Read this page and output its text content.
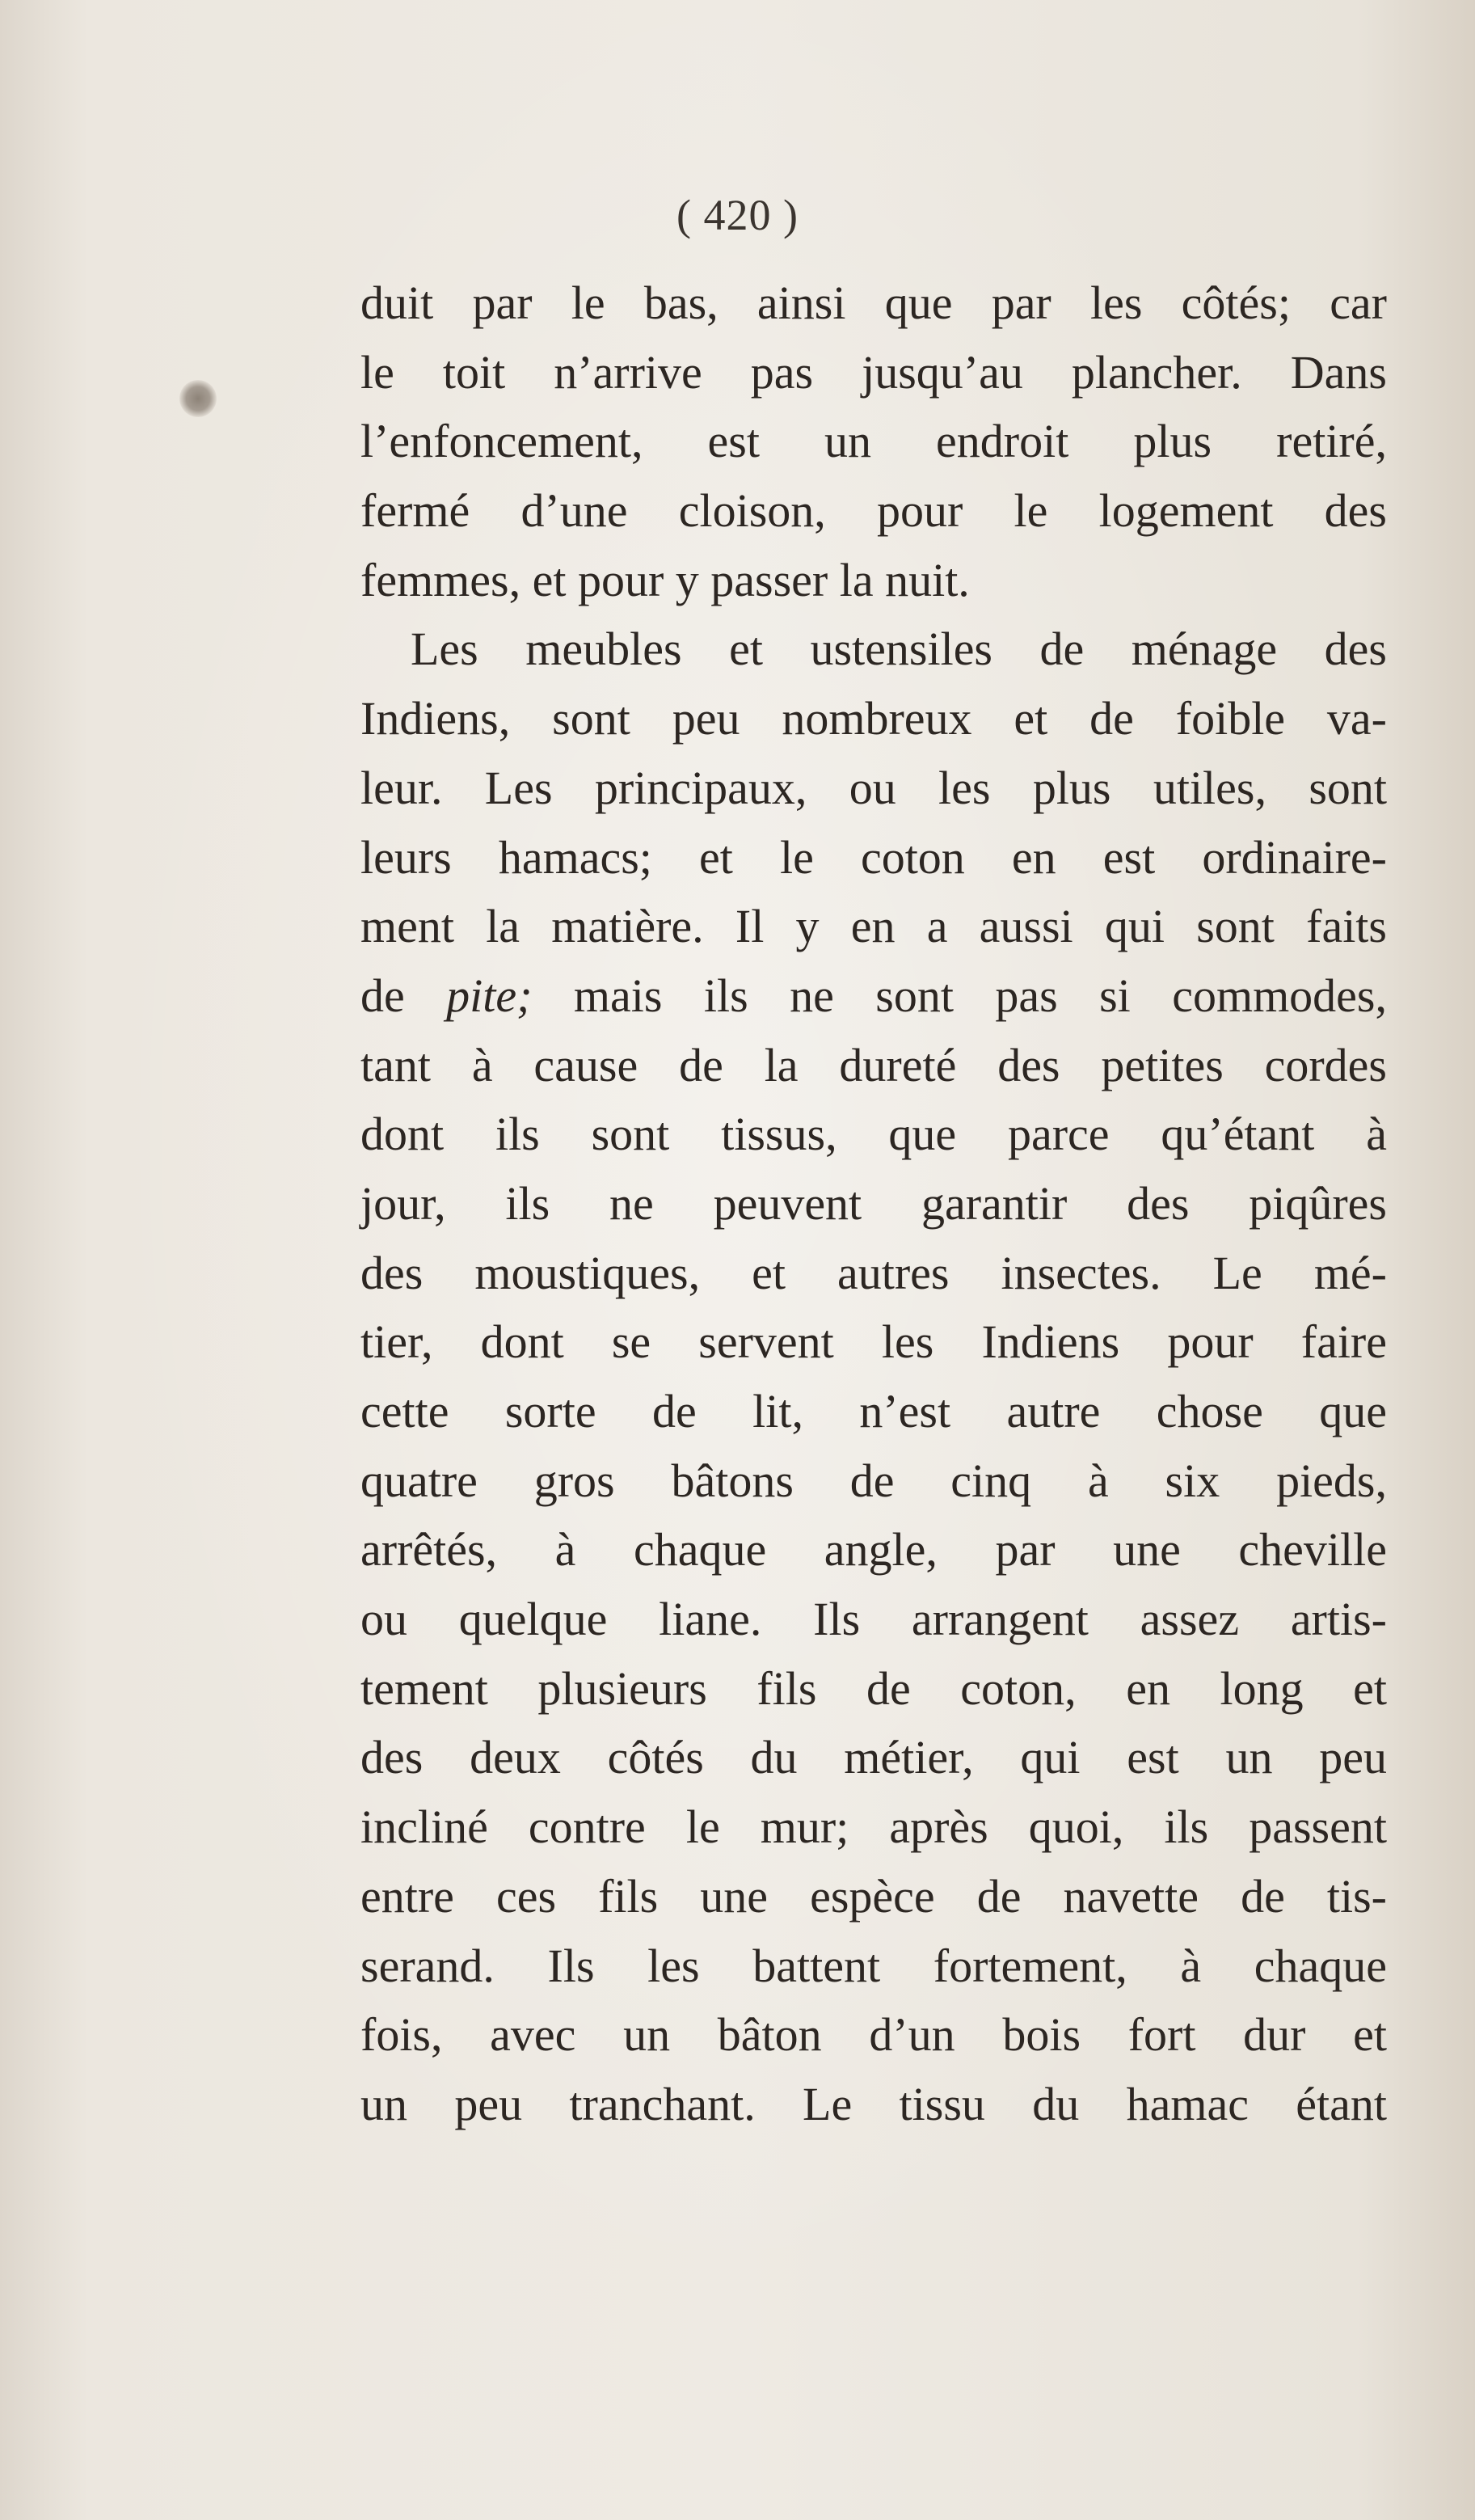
( 420 )
duit par le bas, ainsi que par les côtés; car
le toit n’arrive pas jusqu’au plancher. Dans
l’enfoncement, est un endroit plus retiré,
fermé d’une cloison, pour le logement des
femmes, et pour y passer la nuit.
Les meubles et ustensiles de ménage des
Indiens, sont peu nombreux et de foible va-
leur. Les principaux, ou les plus utiles, sont
leurs hamacs; et le coton en est ordinaire-
ment la matière. Il y en a aussi qui sont faits
de pite; mais ils ne sont pas si commodes,
tant à cause de la dureté des petites cordes
dont ils sont tissus, que parce qu’étant à
jour, ils ne peuvent garantir des piqûres
des moustiques, et autres insectes. Le mé-
tier, dont se servent les Indiens pour faire
cette sorte de lit, n’est autre chose que
quatre gros bâtons de cinq à six pieds,
arrêtés, à chaque angle, par une cheville
ou quelque liane. Ils arrangent assez artis-
tement plusieurs fils de coton, en long et
des deux côtés du métier, qui est un peu
incliné contre le mur; après quoi, ils passent
entre ces fils une espèce de navette de tis-
serand. Ils les battent fortement, à chaque
fois, avec un bâton d’un bois fort dur et
un peu tranchant. Le tissu du hamac étant
